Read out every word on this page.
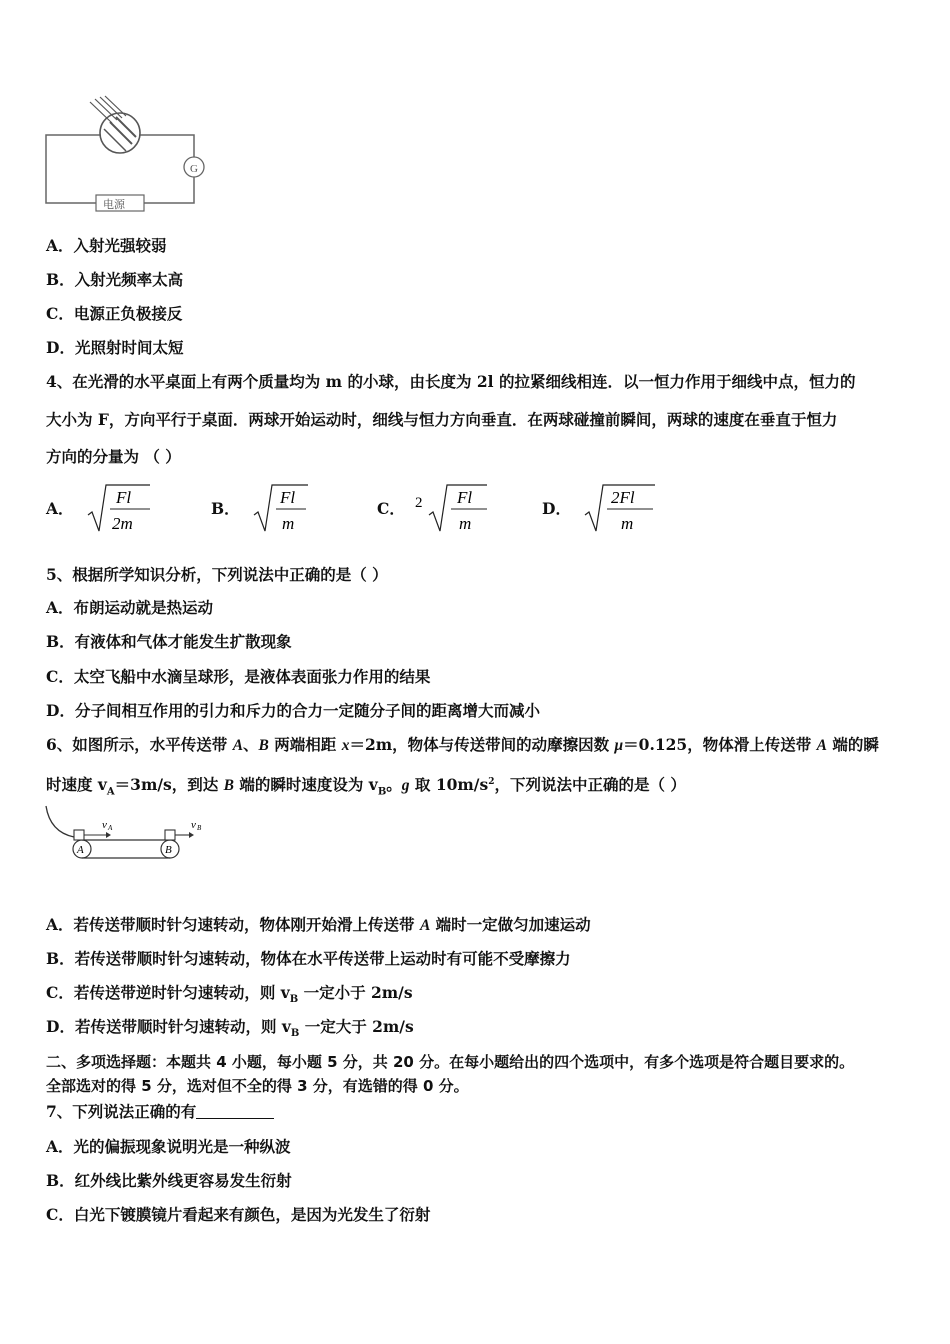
G
电源
A．入射光强较弱
B．入射光频率太高
C．电源正负极接反
D．光照射时间太短
4、在光滑的水平桌面上有两个质量均为 m 的小球，由长度为 2l 的拉紧细线相连．以一恒力作用于细线中点，恒力的
大小为 F，方向平行于桌面．两球开始运动时，细线与恒力方向垂直．在两球碰撞前瞬间，两球的速度在垂直于恒力
方向的分量为 （ ）
A．
Fl
2m
B．
Fl
m
C． 2 Fl
m
D．
2Fl
m
5、根据所学知识分析，下列说法中正确的是（ ）
A．布朗运动就是热运动
B．有液体和气体才能发生扩散现象
C．太空飞船中水滴呈球形，是液体表面张力作用的结果
D．分子间相互作用的引力和斥力的合力一定随分子间的距离增大而减小
6、如图所示，水平传送带 A、B 两端相距 x＝2m，物体与传送带间的动摩擦因数 μ＝0.125，物体滑上传送带 A 端的瞬
时速度 $v_A=3m/s$，到达 B 端的瞬时速度设为 $v_B$。g 取 $10m/s^2$，下列说法中正确的是（ ）
v A	v B
A	B
A．若传送带顺时针匀速转动，物体刚开始滑上传送带 A 端时一定做匀加速运动
B．若传送带顺时针匀速转动，物体在水平传送带上运动时有可能不受摩擦力
C．若传送带逆时针匀速转动，则 $v_B$ 一定小于 2m/s
D．若传送带顺时针匀速转动，则 $v_B$ 一定大于 2m/s
二、多项选择题：本题共 4 小题，每小题 5 分，共 20 分。在每小题给出的四个选项中，有多个选项是符合题目要求的。
全部选对的得 5 分，选对但不全的得 3 分，有选错的得 0 分。
7、下列说法正确的有
A．光的偏振现象说明光是一种纵波
B．红外线比紫外线更容易发生衍射
C．白光下镀膜镜片看起来有颜色，是因为光发生了衍射
